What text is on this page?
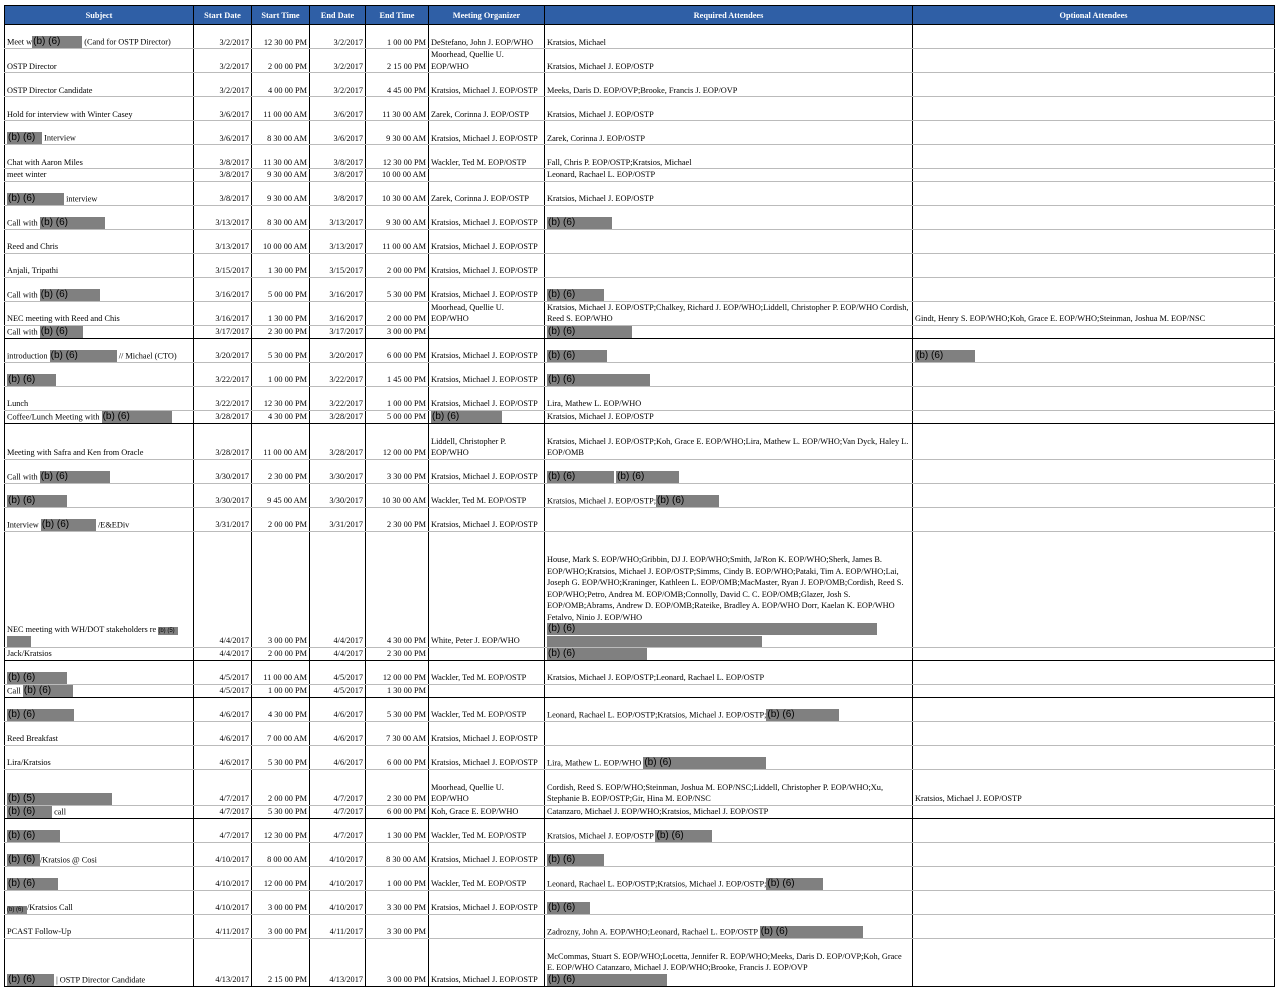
Subject	Start Date	Start Time	End Date	End Time	Meeting Organizer	Required Attendees	Optional Attendees
Meet w(b) (6) (Cand for OSTP Director)	3/2/2017	12 30 00 PM	3/2/2017	1 00 00 PM	DeStefano, John J. EOP/WHO	Kratsios, Michael	
OSTP Director	3/2/2017	2 00 00 PM	3/2/2017	2 15 00 PM	Moorhead, Quellie U. EOP/WHO	Kratsios, Michael J. EOP/OSTP	
OSTP Director Candidate	3/2/2017	4 00 00 PM	3/2/2017	4 45 00 PM	Kratsios, Michael J. EOP/OSTP	Meeks, Daris D. EOP/OVP;Brooke, Francis J. EOP/OVP	
Hold for interview with Winter Casey	3/6/2017	11 00 00 AM	3/6/2017	11 30 00 AM	Zarek, Corinna J. EOP/OSTP	Kratsios, Michael J. EOP/OSTP	
(b) (6) Interview	3/6/2017	8 30 00 AM	3/6/2017	9 30 00 AM	Kratsios, Michael J. EOP/OSTP	Zarek, Corinna J. EOP/OSTP	
Chat with Aaron Miles	3/8/2017	11 30 00 AM	3/8/2017	12 30 00 PM	Wackler, Ted M. EOP/OSTP	Fall, Chris P. EOP/OSTP;Kratsios, Michael	
meet winter	3/8/2017	9 30 00 AM	3/8/2017	10 00 00 AM		Leonard, Rachael L. EOP/OSTP	
(b) (6) interview	3/8/2017	9 30 00 AM	3/8/2017	10 30 00 AM	Zarek, Corinna J. EOP/OSTP	Kratsios, Michael J. EOP/OSTP	
Call with (b) (6)	3/13/2017	8 30 00 AM	3/13/2017	9 30 00 AM	Kratsios, Michael J. EOP/OSTP	(b) (6)	
Reed and Chris	3/13/2017	10 00 00 AM	3/13/2017	11 00 00 AM	Kratsios, Michael J. EOP/OSTP		
Anjali, Tripathi	3/15/2017	1 30 00 PM	3/15/2017	2 00 00 PM	Kratsios, Michael J. EOP/OSTP		
Call with (b) (6)	3/16/2017	5 00 00 PM	3/16/2017	5 30 00 PM	Kratsios, Michael J. EOP/OSTP	(b) (6)	
NEC meeting with Reed and Chis	3/16/2017	1 30 00 PM	3/16/2017	2 00 00 PM	Moorhead, Quellie U. EOP/WHO	Kratsios, Michael J. EOP/OSTP;Chalkey, Richard J. EOP/WHO;Liddell, Christopher P. EOP/WHO Cordish, Reed S. EOP/WHO	Gindt, Henry S. EOP/WHO;Koh, Grace E. EOP/WHO;Steinman, Joshua M. EOP/NSC
Call with (b) (6)	3/17/2017	2 30 00 PM	3/17/2017	3 00 00 PM		(b) (6)	
introduction (b) (6) // Michael (CTO)	3/20/2017	5 30 00 PM	3/20/2017	6 00 00 PM	Kratsios, Michael J. EOP/OSTP	(b) (6)	(b) (6)
(b) (6)	3/22/2017	1 00 00 PM	3/22/2017	1 45 00 PM	Kratsios, Michael J. EOP/OSTP	(b) (6)	
Lunch	3/22/2017	12 30 00 PM	3/22/2017	1 00 00 PM	Kratsios, Michael J. EOP/OSTP	Lira, Mathew L. EOP/WHO	
Coffee/Lunch Meeting with (b) (6)	3/28/2017	4 30 00 PM	3/28/2017	5 00 00 PM	(b) (6)	Kratsios, Michael J. EOP/OSTP	
Meeting with Safra and Ken from Oracle	3/28/2017	11 00 00 AM	3/28/2017	12 00 00 PM	Liddell, Christopher P. EOP/WHO	Kratsios, Michael J. EOP/OSTP;Koh, Grace E. EOP/WHO;Lira, Mathew L. EOP/WHO;Van Dyck, Haley L. EOP/OMB	
Call with (b) (6)	3/30/2017	2 30 00 PM	3/30/2017	3 30 00 PM	Kratsios, Michael J. EOP/OSTP	(b) (6) (b) (6)	
(b) (6)	3/30/2017	9 45 00 AM	3/30/2017	10 30 00 AM	Wackler, Ted M. EOP/OSTP	Kratsios, Michael J. EOP/OSTP;(b) (6)	
Interview (b) (6) /E&EDiv	3/31/2017	2 00 00 PM	3/31/2017	2 30 00 PM	Kratsios, Michael J. EOP/OSTP		
NEC meeting with WH/DOT stakeholders re (b) (5)	4/4/2017	3 00 00 PM	4/4/2017	4 30 00 PM	White, Peter J. EOP/WHO	House, Mark S. EOP/WHO;Gribbin, DJ J. EOP/WHO;Smith, Ja'Ron K. EOP/WHO;Sherk, James B. EOP/WHO;Kratsios, Michael J. EOP/OSTP;Simms, Cindy B. EOP/WHO;Pataki, Tim A. EOP/WHO;Lai, Joseph G. EOP/WHO;Kraninger, Kathleen L. EOP/OMB;MacMaster, Ryan J. EOP/OMB;Cordish, Reed S. EOP/WHO;Petro, Andrea M. EOP/OMB;Connolly, David C. C. EOP/OMB;Glazer, Josh S. EOP/OMB;Abrams, Andrew D. EOP/OMB;Rateike, Bradley A. EOP/WHO Dorr, Kaelan K. EOP/WHO Fetalvo, Ninio J. EOP/WHO (b) (6)	
Jack/Kratsios	4/4/2017	2 00 00 PM	4/4/2017	2 30 00 PM		(b) (6)	
(b) (6)	4/5/2017	11 00 00 AM	4/5/2017	12 00 00 PM	Wackler, Ted M. EOP/OSTP	Kratsios, Michael J. EOP/OSTP;Leonard, Rachael L. EOP/OSTP	
Call (b) (6)	4/5/2017	1 00 00 PM	4/5/2017	1 30 00 PM			
(b) (6)	4/6/2017	4 30 00 PM	4/6/2017	5 30 00 PM	Wackler, Ted M. EOP/OSTP	Leonard, Rachael L. EOP/OSTP;Kratsios, Michael J. EOP/OSTP;(b) (6)	
Reed Breakfast	4/6/2017	7 00 00 AM	4/6/2017	7 30 00 AM	Kratsios, Michael J. EOP/OSTP		
Lira/Kratsios	4/6/2017	5 30 00 PM	4/6/2017	6 00 00 PM	Kratsios, Michael J. EOP/OSTP	Lira, Mathew L. EOP/WHO (b) (6)	
(b) (5)	4/7/2017	2 00 00 PM	4/7/2017	2 30 00 PM	Moorhead, Quellie U. EOP/WHO	Cordish, Reed S. EOP/WHO;Steinman, Joshua M. EOP/NSC;Liddell, Christopher P. EOP/WHO;Xu, Stephanie B. EOP/OSTP;Gir, Hina M. EOP/NSC	Kratsios, Michael J. EOP/OSTP
(b) (6) call	4/7/2017	5 30 00 PM	4/7/2017	6 00 00 PM	Koh, Grace E. EOP/WHO	Catanzaro, Michael J. EOP/WHO;Kratsios, Michael J. EOP/OSTP	
(b) (6)	4/7/2017	12 30 00 PM	4/7/2017	1 30 00 PM	Wackler, Ted M. EOP/OSTP	Kratsios, Michael J. EOP/OSTP (b) (6)	
(b) (6) /Kratsios @ Cosi	4/10/2017	8 00 00 AM	4/10/2017	8 30 00 AM	Kratsios, Michael J. EOP/OSTP	(b) (6)	
(b) (6)	4/10/2017	12 00 00 PM	4/10/2017	1 00 00 PM	Wackler, Ted M. EOP/OSTP	Leonard, Rachael L. EOP/OSTP;Kratsios, Michael J. EOP/OSTP;(b) (6)	
(b) (6) /Kratsios Call	4/10/2017	3 00 00 PM	4/10/2017	3 30 00 PM	Kratsios, Michael J. EOP/OSTP	(b) (6)	
PCAST Follow-Up	4/11/2017	3 00 00 PM	4/11/2017	3 30 00 PM		Zadrozny, John A. EOP/WHO;Leonard, Rachael L. EOP/OSTP (b) (6)	
(b) (6) | OSTP Director Candidate	4/13/2017	2 15 00 PM	4/13/2017	3 00 00 PM	Kratsios, Michael J. EOP/OSTP	McCommas, Stuart S. EOP/WHO;Locetta, Jennifer R. EOP/WHO;Meeks, Daris D. EOP/OVP;Koh, Grace E. EOP/WHO Catanzaro, Michael J. EOP/WHO;Brooke, Francis J. EOP/OVP (b) (6)	
